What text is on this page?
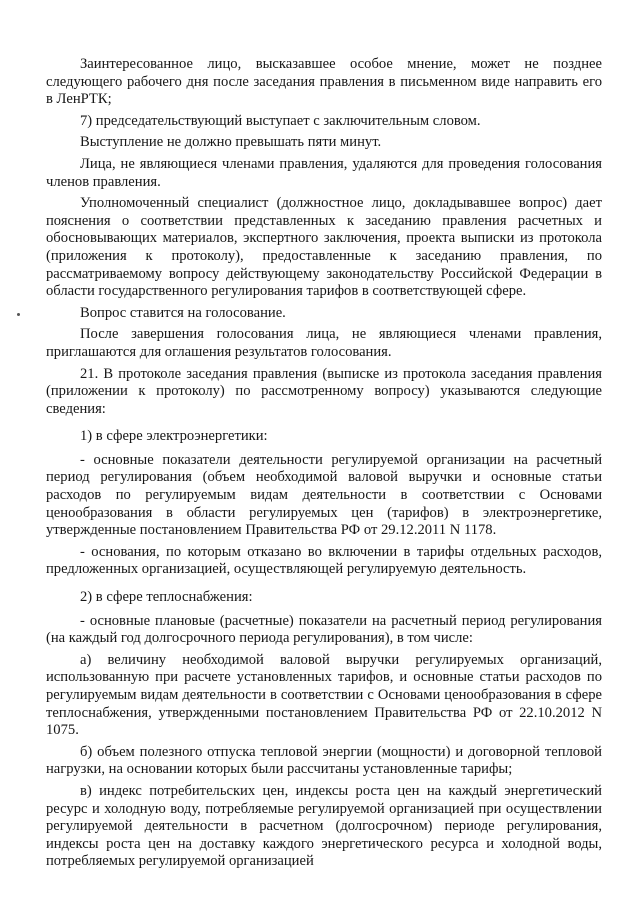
Заинтересованное лицо, высказавшее особое мнение, может не позднее следующего рабочего дня после заседания правления в письменном виде направить его в ЛенРТК;

7) председательствующий выступает с заключительным словом.

Выступление не должно превышать пяти минут.

Лица, не являющиеся членами правления, удаляются для проведения голосования членов правления.

Уполномоченный специалист (должностное лицо, докладывавшее вопрос) дает пояснения о соответствии представленных к заседанию правления расчетных и обосновывающих материалов, экспертного заключения, проекта выписки из протокола (приложения к протоколу), предоставленные к заседанию правления, по рассматриваемому вопросу действующему законодательству Российской Федерации в области государственного регулирования тарифов в соответствующей сфере.

Вопрос ставится на голосование.

После завершения голосования лица, не являющиеся членами правления, приглашаются для оглашения результатов голосования.

21. В протоколе заседания правления (выписке из протокола заседания правления (приложении к протоколу) по рассмотренному вопросу) указываются следующие сведения:

1) в сфере электроэнергетики:

- основные показатели деятельности регулируемой организации на расчетный период регулирования (объем необходимой валовой выручки и основные статьи расходов по регулируемым видам деятельности в соответствии с Основами ценообразования в области регулируемых цен (тарифов) в электроэнергетике, утвержденные постановлением Правительства РФ от 29.12.2011 N 1178.

- основания, по которым отказано во включении в тарифы отдельных расходов, предложенных организацией, осуществляющей регулируемую деятельность.

2) в сфере теплоснабжения:

- основные плановые (расчетные) показатели на расчетный период регулирования (на каждый год долгосрочного периода регулирования), в том числе:

а) величину необходимой валовой выручки регулируемых организаций, использованную при расчете установленных тарифов, и основные статьи расходов по регулируемым видам деятельности в соответствии с Основами ценообразования в сфере теплоснабжения, утвержденными постановлением Правительства РФ от 22.10.2012 N 1075.

б) объем полезного отпуска тепловой энергии (мощности) и договорной тепловой нагрузки, на основании которых были рассчитаны установленные тарифы;

в) индекс потребительских цен, индексы роста цен на каждый энергетический ресурс и холодную воду, потребляемые регулируемой организацией при осуществлении регулируемой деятельности в расчетном (долгосрочном) периоде регулирования, индексы роста цен на доставку каждого энергетического ресурса и холодной воды, потребляемых регулируемой организацией
